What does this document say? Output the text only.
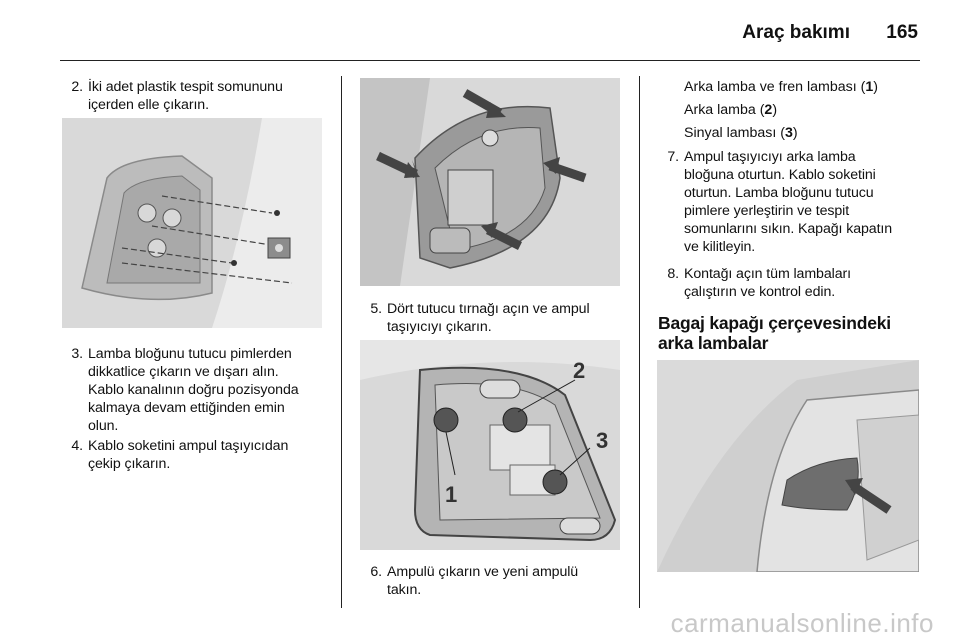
Araç bakımı 165
2. İki adet plastik tespit somununu
içerden elle çıkarın.
3. Lamba bloğunu tutucu pimlerden
dikkatlice çıkarın ve dışarı alın.
Kablo kanalının doğru pozisyonda
kalmaya devam ettiğinden emin
olun.
4. Kablo soketini ampul taşıyıcıdan
çekip çıkarın.
5. Dört tutucu tırnağı açın ve ampul
taşıyıcıyı çıkarın.
1
2
3
6. Ampulü çıkarın ve yeni ampulü
takın.
Arka lamba ve fren lambası (1)
Arka lamba (2)
Sinyal lambası (3)
7. Ampul taşıyıcıyı arka lamba
bloğuna oturtun. Kablo soketini
oturtun. Lamba bloğunu tutucu
pimlere yerleştirin ve tespit
somunlarını sıkın. Kapağı kapatın
ve kilitleyin.
8. Kontağı açın tüm lambaları
çalıştırın ve kontrol edin.
Bagaj kapağı çerçevesindeki
arka lambalar
carmanualsonline.info
